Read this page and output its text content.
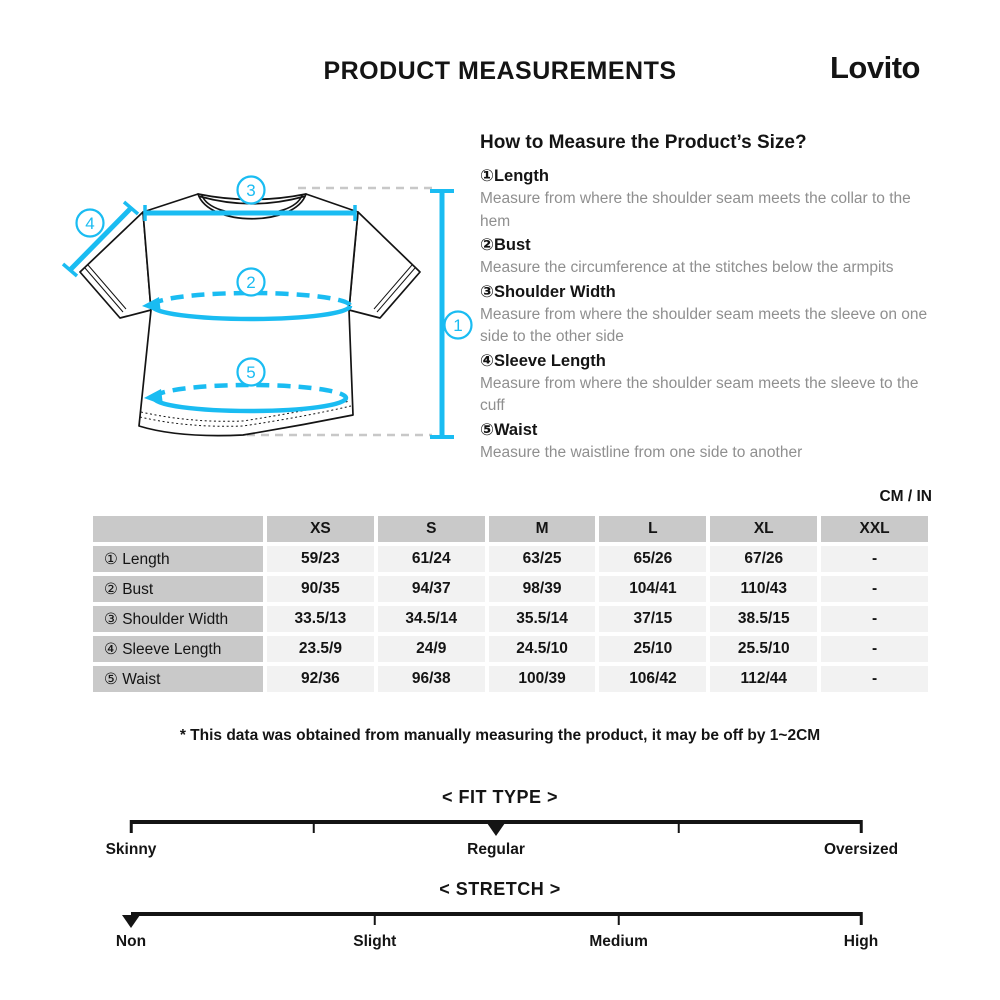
PRODUCT MEASUREMENTS	Lovito
3
4
2
5
1
How to Measure the Product’s Size?
①Length
Measure from where the shoulder seam meets the collar to the hem
②Bust
Measure the circumference at the stitches below the armpits
③Shoulder Width
Measure from where the shoulder seam meets the sleeve on one side to the other side
④Sleeve Length
Measure from where the shoulder seam meets the sleeve to the cuff
⑤Waist
Measure the waistline from one side to another
CM / IN
	XS	S	M	L	XL	XXL
① Length	59/23	61/24	63/25	65/26	67/26	-
② Bust	90/35	94/37	98/39	104/41	110/43	-
③ Shoulder Width	33.5/13	34.5/14	35.5/14	37/15	38.5/15	-
④ Sleeve Length	23.5/9	24/9	24.5/10	25/10	25.5/10	-
⑤ Waist	92/36	96/38	100/39	106/42	112/44	-

* This data was obtained from manually measuring the product, it may be off by 1~2CM

< FIT TYPE >
Skinny	Regular	Oversized
< STRETCH >
Non	Slight	Medium	High
